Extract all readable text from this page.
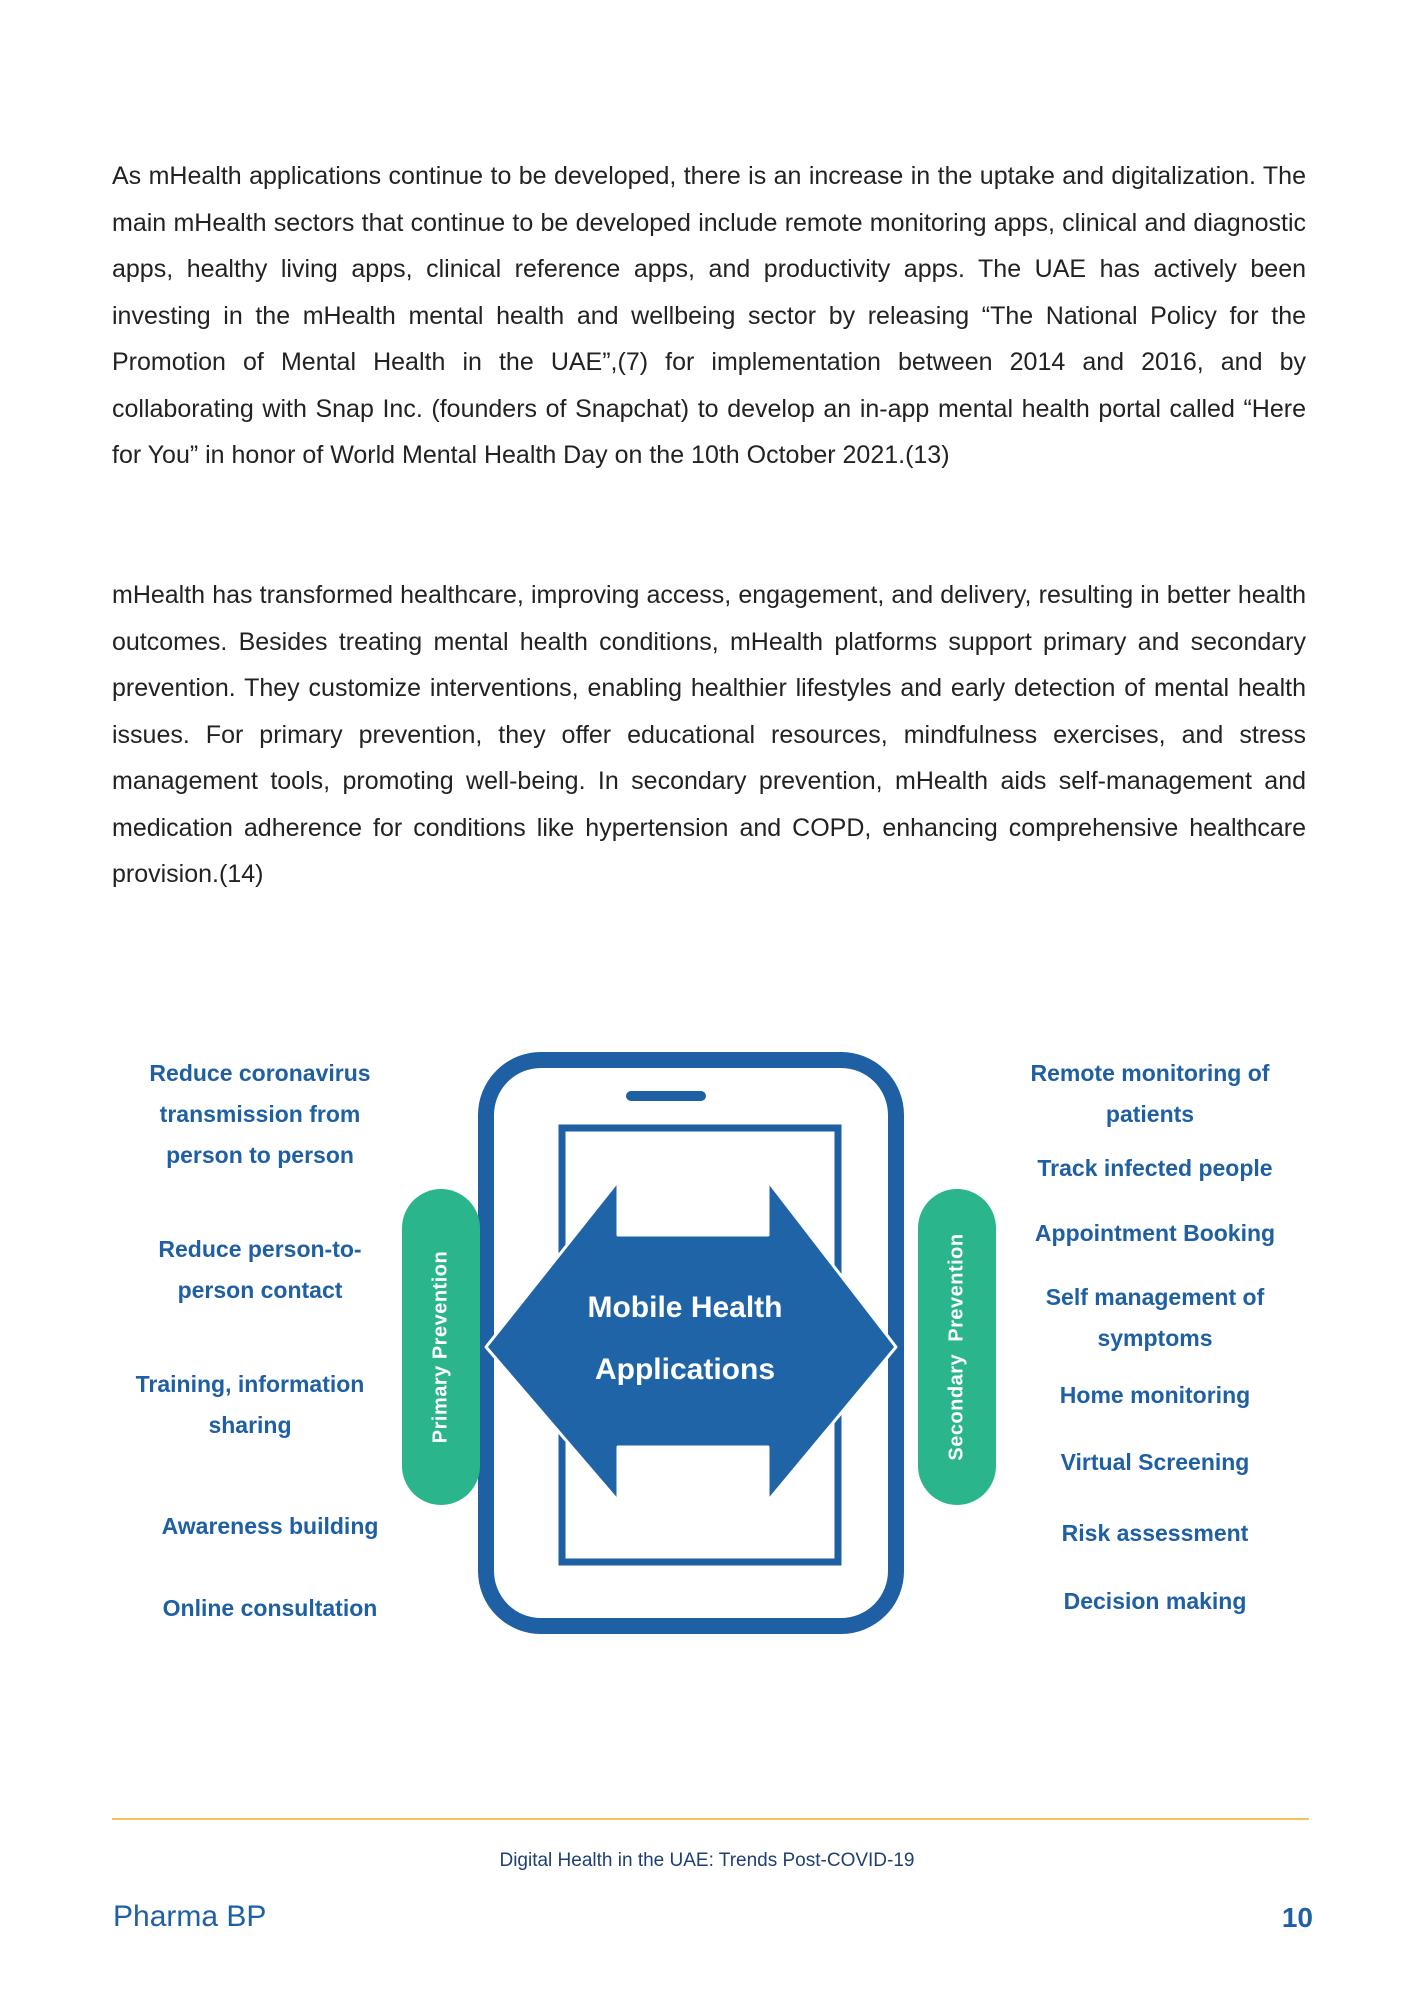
As mHealth applications continue to be developed, there is an increase in the uptake and digitalization. The main mHealth sectors that continue to be developed include remote monitoring apps, clinical and diagnostic apps, healthy living apps, clinical reference apps, and productivity apps. The UAE has actively been investing in the mHealth mental health and wellbeing sector by releasing “The National Policy for the Promotion of Mental Health in the UAE”,(7) for implementation between 2014 and 2016, and by collaborating with Snap Inc. (founders of Snapchat) to develop an in-app mental health portal called “Here for You” in honor of World Mental Health Day on the 10th October 2021.(13)

mHealth has transformed healthcare, improving access, engagement, and delivery, resulting in better health outcomes. Besides treating mental health conditions, mHealth platforms support primary and secondary prevention. They customize interventions, enabling healthier lifestyles and early detection of mental health issues. For primary prevention, they offer educational resources, mindfulness exercises, and stress management tools, promoting well-being. In secondary prevention, mHealth aids self-management and medication adherence for conditions like hypertension and COPD, enhancing comprehensive healthcare provision.(14)

Mobile Health
Applications
Primary Prevention	Secondary  Prevention
Reduce coronavirus transmission from person to person
Reduce person-to-person contact
Training, information sharing
Awareness building
Online consultation
Remote monitoring of patients
Track infected people
Appointment Booking
Self management of symptoms
Home monitoring
Virtual Screening
Risk assessment
Decision making
Digital Health in the UAE: Trends Post-COVID-19
Pharma BP	10
